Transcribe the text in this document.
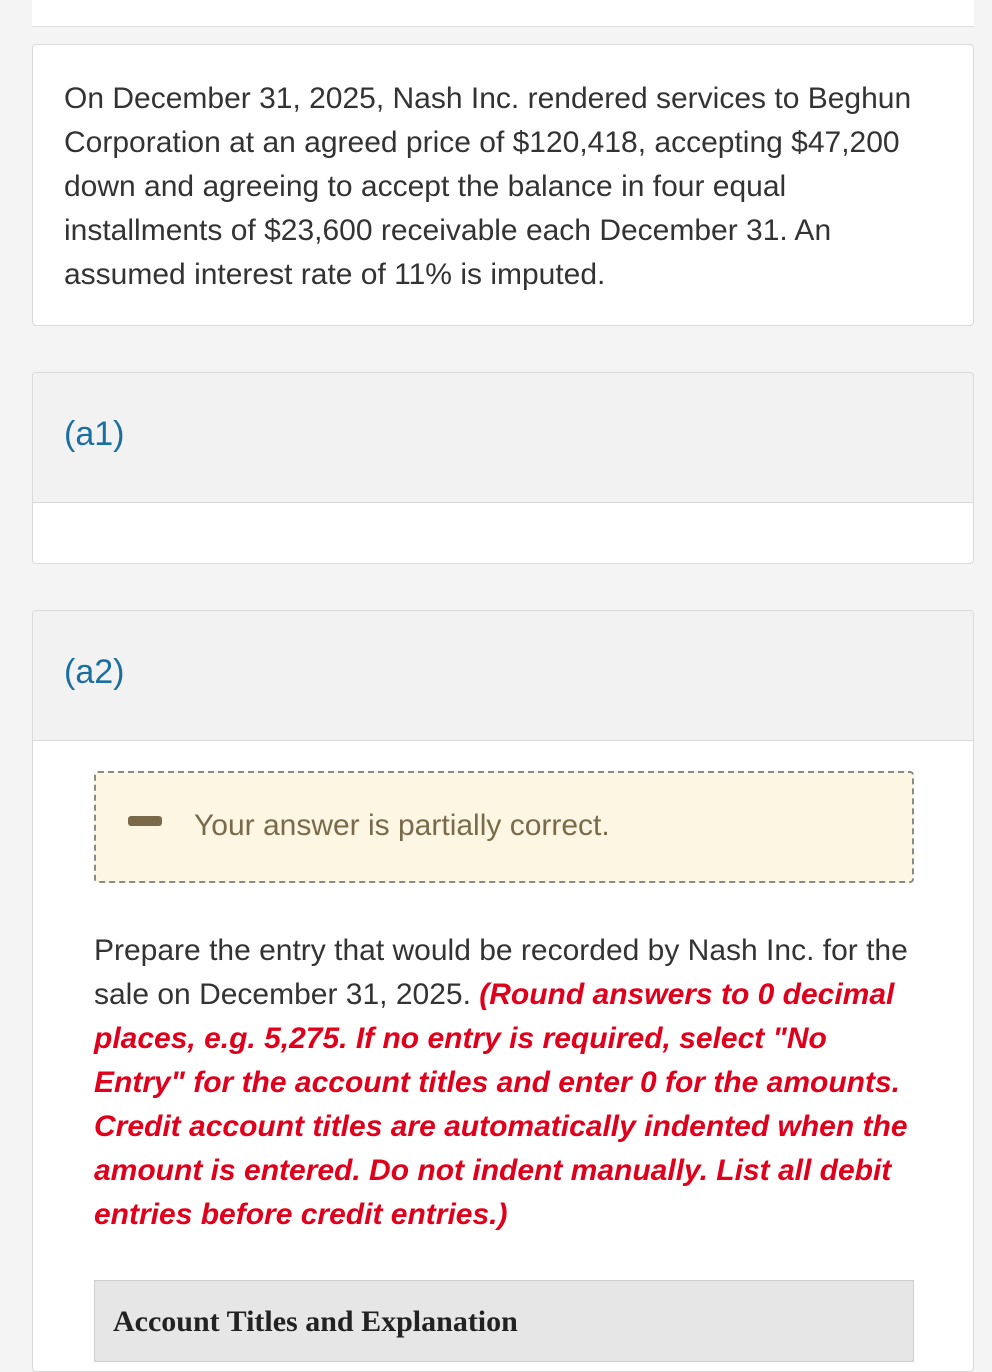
On December 31, 2025, Nash Inc. rendered services to Beghun Corporation at an agreed price of $120,418, accepting $47,200 down and agreeing to accept the balance in four equal installments of $23,600 receivable each December 31. An assumed interest rate of 11% is imputed.

(a1)

(a2)

Your answer is partially correct.

Prepare the entry that would be recorded by Nash Inc. for the sale on December 31, 2025. (Round answers to 0 decimal places, e.g. 5,275. If no entry is required, select "No Entry" for the account titles and enter 0 for the amounts. Credit account titles are automatically indented when the amount is entered. Do not indent manually. List all debit entries before credit entries.)

Account Titles and Explanation
